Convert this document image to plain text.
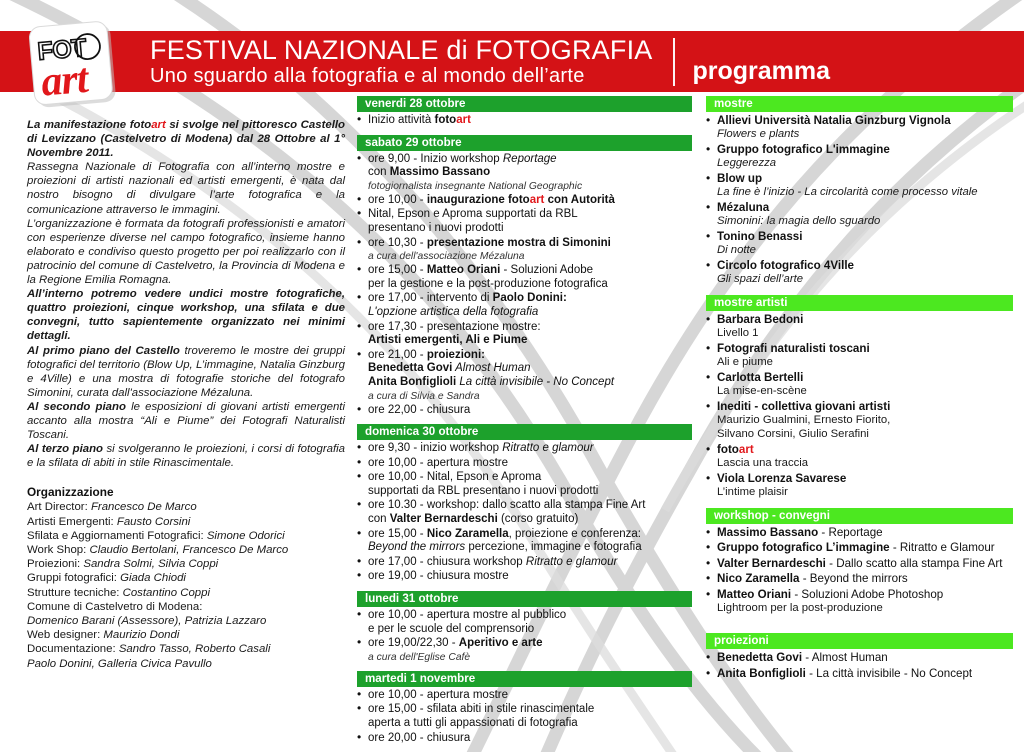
FESTIVAL NAZIONALE di FOTOGRAFIA
Uno sguardo alla fotografia e al mondo dell’arte	programma
FOT
art

La manifestazione fotoart si svolge nel pittoresco Castello di Levizzano (Castelvetro di Modena) dal 28 Ottobre al 1° Novembre 2011.

Rassegna Nazionale di Fotografia con all’interno mostre e proiezioni di artisti nazionali ed artisti emergenti, è nata dal nostro bisogno di divulgare l’arte fotografica e la comunicazione attraverso le immagini.

L’organizzazione è formata da fotografi professionisti e amatori con esperienze diverse nel campo fotografico, insieme hanno elaborato e condiviso questo progetto per poi realizzarlo con il patrocinio del comune di Castelvetro, la Provincia di Modena e la Regione Emilia Romagna.

All’interno potremo vedere undici mostre fotografiche, quattro proiezioni, cinque workshop, una sfilata e due convegni, tutto sapientemente organizzato nei minimi dettagli.

Al primo piano del Castello troveremo le mostre dei gruppi fotografici del territorio (Blow Up, L’immagine, Natalia Ginzburg e 4Ville) e una mostra di fotografie storiche del fotografo Simonini, curata dall'associazione Mézaluna.

Al secondo piano le esposizioni di giovani artisti emergenti accanto alla mostra “Ali e Piume” dei Fotografi Naturalisti Toscani.

Al terzo piano si svolgeranno le proiezioni, i corsi di fotografia e la sfilata di abiti in stile Rinascimentale.

Organizzazione
Art Director: Francesco De Marco
Artisti Emergenti: Fausto Corsini
Sfilata e Aggiornamenti Fotografici: Simone Odorici
Work Shop: Claudio Bertolani, Francesco De Marco
Proiezioni: Sandra Solmi, Silvia Coppi
Gruppi fotografici: Giada Chiodi
Strutture tecniche: Costantino Coppi
Comune di Castelvetro di Modena:
Domenico Barani (Assessore), Patrizia Lazzaro
Web designer: Maurizio Dondi
Documentazione: Sandro Tasso, Roberto Casali
Paolo Donini, Galleria Civica Pavullo
venerdi 28 ottobre
• Inizio attività fotoart
sabato 29 ottobre
• ore 9,00 - Inizio workshop Reportage
con Massimo Bassano
fotogiornalista insegnante National Geographic
• ore 10,00 - inaugurazione fotoart con Autorità
• Nital, Epson e Aproma supportati da RBL
presentano i nuovi prodotti
• ore 10,30 - presentazione mostra di Simonini
a cura dell'associazione Mézaluna
• ore 15,00 - Matteo Oriani - Soluzioni Adobe
per la gestione e la post-produzione fotografica
• ore 17,00 - intervento di Paolo Donini:
L'opzione artistica della fotografia
• ore 17,30 - presentazione mostre:
Artisti emergenti, Ali e Piume
• ore 21,00 - proiezioni:
Benedetta Govi Almost Human
Anita Bonfiglioli La città invisibile - No Concept
a cura di Silvia e Sandra
• ore 22,00 - chiusura
domenica 30 ottobre
• ore 9,30 - inizio workshop Ritratto e glamour
• ore 10,00 - apertura mostre
• ore 10,00 - Nital, Epson e Aproma
supportati da RBL presentano i nuovi prodotti
• ore 10.30 - workshop: dallo scatto alla stampa Fine Art
con Valter Bernardeschi (corso gratuito)
• ore 15,00 - Nico Zaramella, proiezione e conferenza:
Beyond the mirrors percezione, immagine e fotografia
• ore 17,00 - chiusura workshop Ritratto e glamour
• ore 19,00 - chiusura mostre
lunedi 31 ottobre
• ore 10,00 - apertura mostre al pubblico
e per le scuole del comprensorio
• ore 19,00/22,30 - Aperitivo e arte
a cura dell'Eglise Cafè
martedi 1 novembre
• ore 10,00 - apertura mostre
• ore 15,00 - sfilata abiti in stile rinascimentale
aperta a tutti gli appassionati di fotografia
• ore 20,00 - chiusura
mostre
• Allievi Università Natalia Ginzburg Vignola
Flowers e plants
• Gruppo fotografico L'immagine
Leggerezza
• Blow up
La fine è l’inizio - La circolarità come processo vitale
• Mézaluna
Simonini: la magia dello sguardo
• Tonino Benassi
Di notte
• Circolo fotografico 4Ville
Gli spazi dell’arte
mostre artisti
• Barbara Bedoni
Livello 1
• Fotografi naturalisti toscani
Ali e piume
• Carlotta Bertelli
La mise-en-scène
• Inediti - collettiva giovani artisti
Maurizio Gualmini, Ernesto Fiorito,
Silvano Corsini, Giulio Serafini
• fotoart
Lascia una traccia
• Viola Lorenza Savarese
L’intime plaisir
workshop - convegni
• Massimo Bassano - Reportage
• Gruppo fotografico L’immagine - Ritratto e Glamour
• Valter Bernardeschi - Dallo scatto alla stampa Fine Art
• Nico Zaramella - Beyond the mirrors
• Matteo Oriani - Soluzioni Adobe Photoshop
Lightroom per la post-produzione
proiezioni
• Benedetta Govi - Almost Human
• Anita Bonfiglioli - La città invisibile - No Concept
